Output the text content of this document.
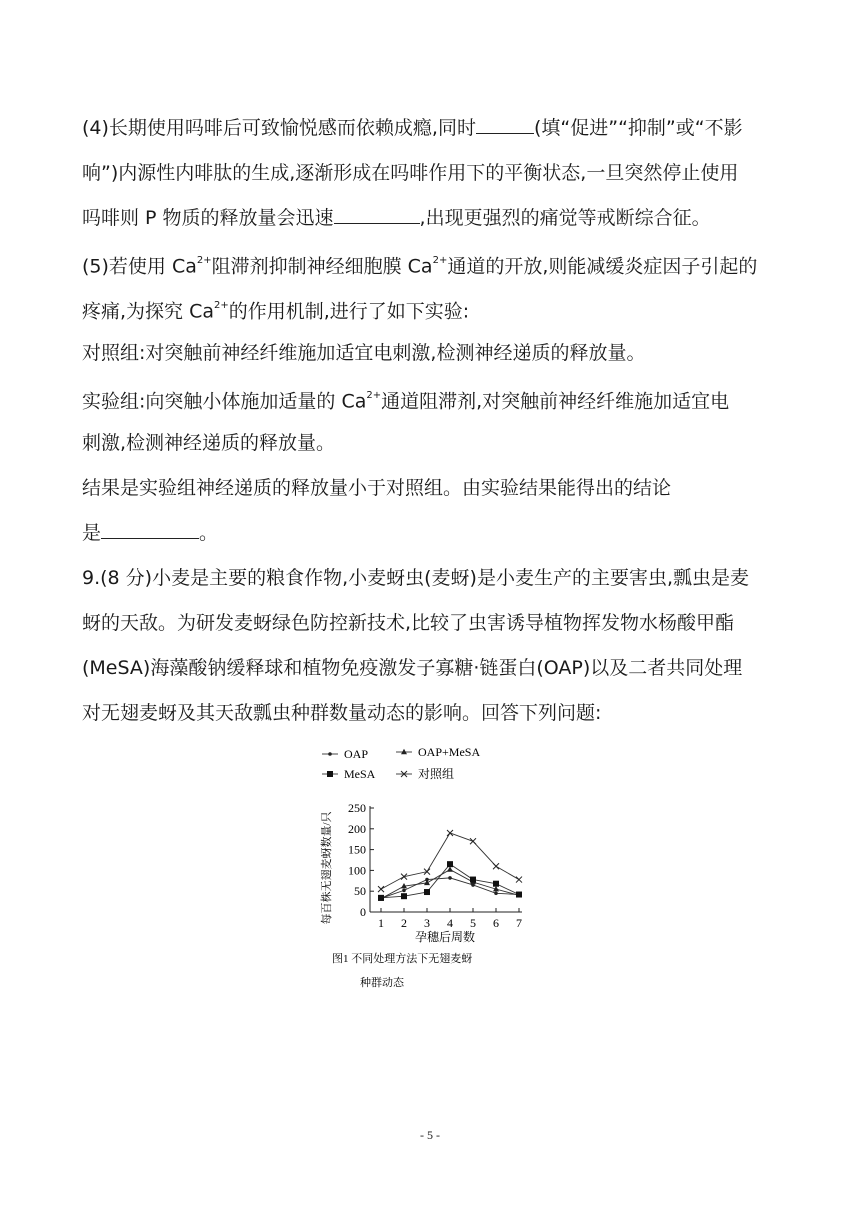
(4)长期使用吗啡后可致愉悦感而依赖成瘾,同时	(填“促进”“抑制”或“不影
响”)内源性内啡肽的生成,逐渐形成在吗啡作用下的平衡状态,一旦突然停止使用
吗啡则 P 物质的释放量会迅速	,出现更强烈的痛觉等戒断综合征。
(5)若使用 $Ca^{2+}$阻滞剂抑制神经细胞膜 $Ca^{2+}$通道的开放,则能减缓炎症因子引起的
疼痛,为探究 $Ca^{2+}$的作用机制,进行了如下实验:
对照组:对突触前神经纤维施加适宜电刺激,检测神经递质的释放量。
实验组:向突触小体施加适量的 $Ca^{2+}$通道阻滞剂,对突触前神经纤维施加适宜电
刺激,检测神经递质的释放量。
结果是实验组神经递质的释放量小于对照组。由实验结果能得出的结论
是	。
9.(8 分)小麦是主要的粮食作物,小麦蚜虫(麦蚜)是小麦生产的主要害虫,瓢虫是麦
蚜的天敌。为研发麦蚜绿色防控新技术,比较了虫害诱导植物挥发物水杨酸甲酯
(MeSA)海藻酸钠缓释球和植物免疫激发子寡糖·链蛋白(OAP)以及二者共同处理
对无翅麦蚜及其天敌瓢虫种群数量动态的影响。回答下列问题:
OAP	OAP+MeSA
MeSA	对照组
0
50
100
150
200
250
1 2 3 4 5 6 7
孕穗后周数
每百株无翅麦蚜数量/只
图1 不同处理方法下无翅麦蚜
种群动态
- 5 -
